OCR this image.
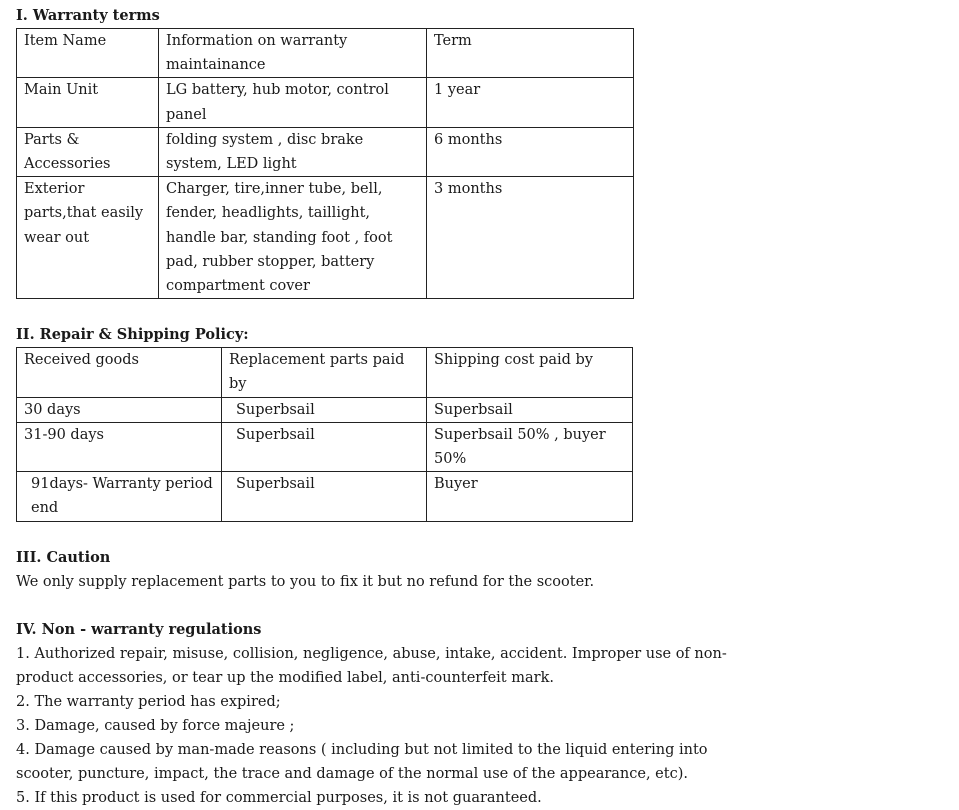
I. Warranty terms
Item Name	Information on warranty maintainance	Term
Main Unit	LG battery, hub motor, control panel	1 year
Parts & Accessories	folding system , disc brake system, LED light	6 months
Exterior parts,that easily wear out	Charger, tire,inner tube, bell, fender, headlights, taillight, handle bar, standing foot , foot pad, rubber stopper, battery compartment cover	3 months
II. Repair & Shipping Policy:
Received goods	Replacement parts paid by	Shipping cost paid by
30 days	Superbsail	Superbsail
31-90 days	Superbsail	Superbsail 50% , buyer 50%
91days- Warranty period end	Superbsail	Buyer
III. Caution

We only supply replacement parts to you to fix it but no refund for the scooter.

IV. Non - warranty regulations

1. Authorized repair, misuse, collision, negligence, abuse, intake, accident. Improper use of non-product accessories, or tear up the modified label, anti-counterfeit mark.

2. The warranty period has expired;

3. Damage, caused by force majeure ;

4. Damage caused by man-made reasons ( including but not limited to the liquid entering into scooter, puncture, impact, the trace and damage of the normal use of the appearance, etc).

5. If this product is used for commercial purposes, it is not guaranteed.
